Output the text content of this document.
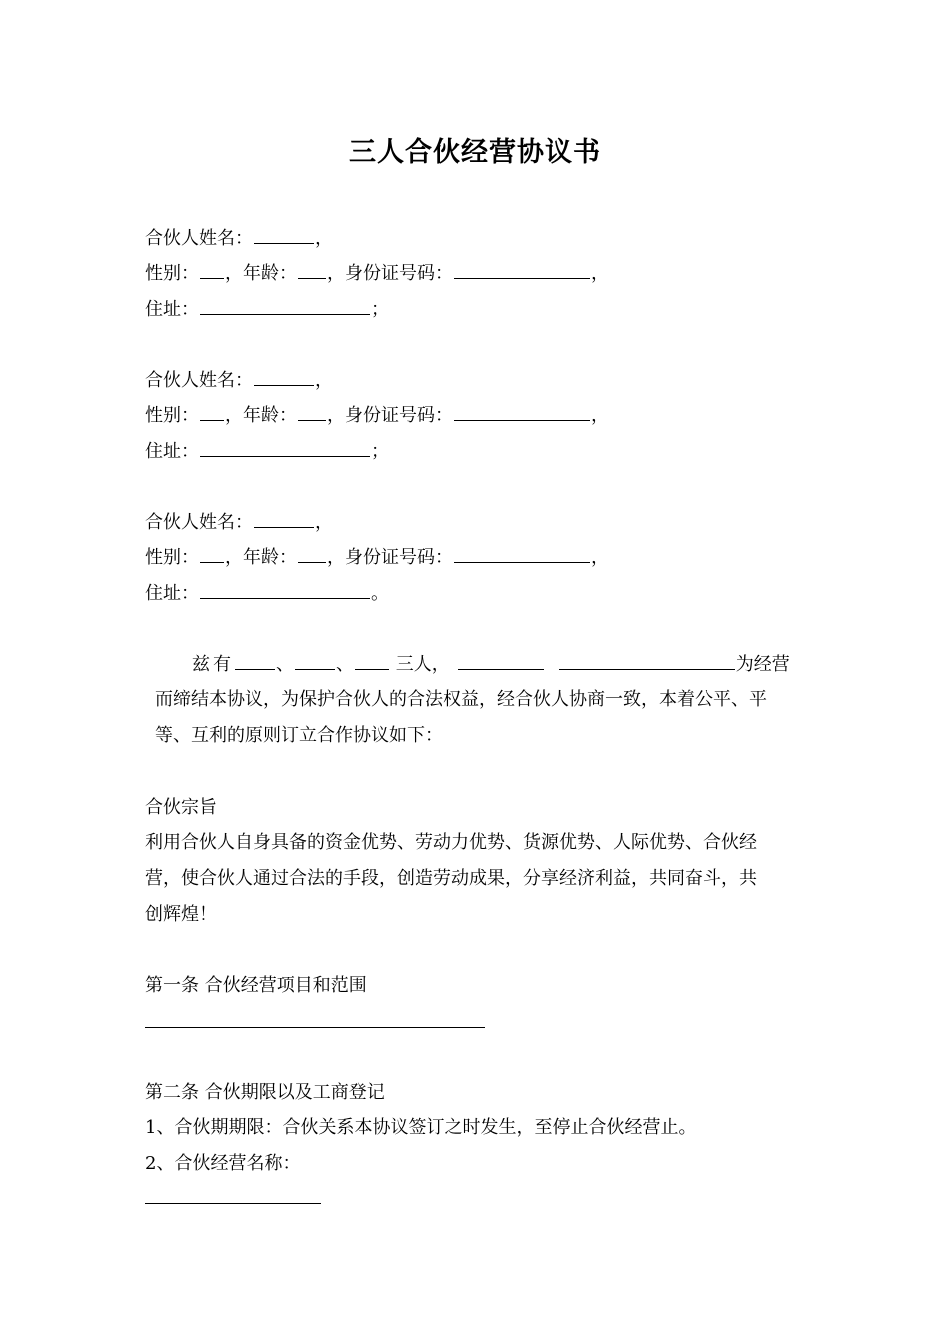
三人合伙经营协议书
合伙人姓名：	，
性别： ，年龄： ，身份证号码：	，
住址：	；
合伙人姓名：	，
性别： ，年龄： ，身份证号码：	，
住址：	；
合伙人姓名：	，
性别： ，年龄： ，身份证号码：	，
住址：	。
兹有 、 、 三人，	为经营
而缔结本协议，为保护合伙人的合法权益，经合伙人协商一致，本着公平、平
等、互利的原则订立合作协议如下：
合伙宗旨
利用合伙人自身具备的资金优势、劳动力优势、货源优势、人际优势、合伙经
营，使合伙人通过合法的手段，创造劳动成果，分享经济利益，共同奋斗，共
创辉煌！
第一条 合伙经营项目和范围
第二条 合伙期限以及工商登记
1、合伙期期限：合伙关系本协议签订之时发生，至停止合伙经营止。
2、合伙经营名称：
